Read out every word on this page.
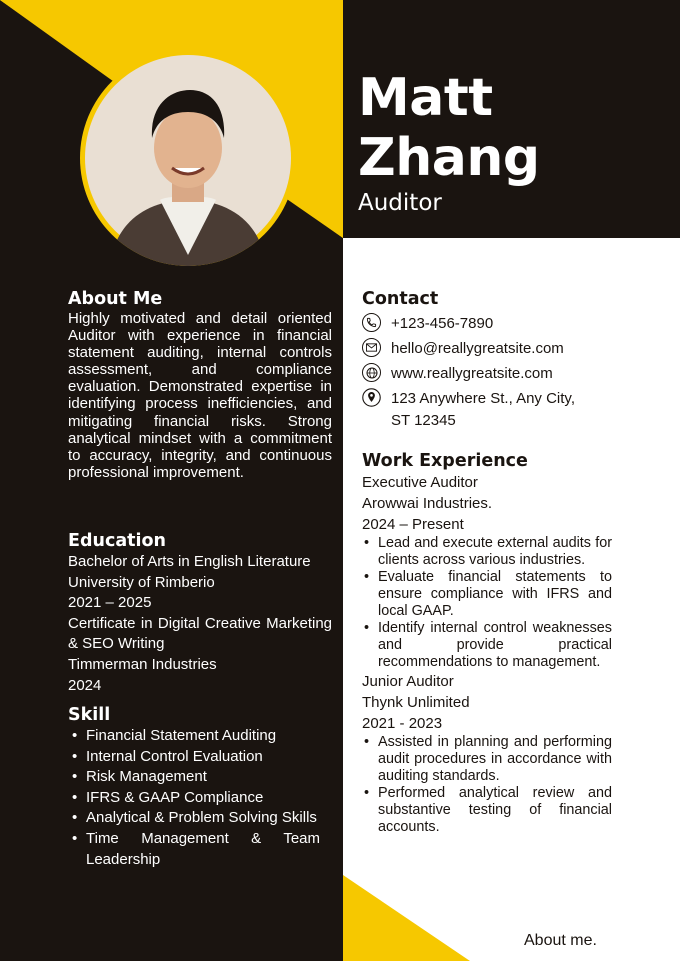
Matt
Zhang
Auditor
About Me
Highly motivated and detail oriented Auditor with experience in financial statement auditing, internal controls assessment, and compliance evaluation. Demonstrated expertise in identifying process inefficiencies, and mitigating financial risks. Strong analytical mindset with a commitment to accuracy, integrity, and continuous professional improvement.
Education
Bachelor of Arts in English Literature
University of Rimberio
2021 – 2025
Certificate in Digital Creative Marketing & SEO Writing
Timmerman Industries
2024
Skill
• Financial Statement Auditing
• Internal Control Evaluation
• Risk Management
• IFRS & GAAP Compliance
• Analytical & Problem Solving Skills
• Time Management & Team Leadership
Contact
+123-456-7890
hello@reallygreatsite.com
www.reallygreatsite.com
123 Anywhere St., Any City,
ST 12345
Work Experience
Executive Auditor
Arowwai Industries.
2024 – Present
• Lead and execute external audits for clients across various industries.
• Evaluate financial statements to ensure compliance with IFRS and local GAAP.
• Identify internal control weaknesses and provide practical recommendations to management.
Junior Auditor
Thynk Unlimited
2021 - 2023
• Assisted in planning and performing audit procedures in accordance with auditing standards.
• Performed analytical review and substantive testing of financial accounts.
About me.
